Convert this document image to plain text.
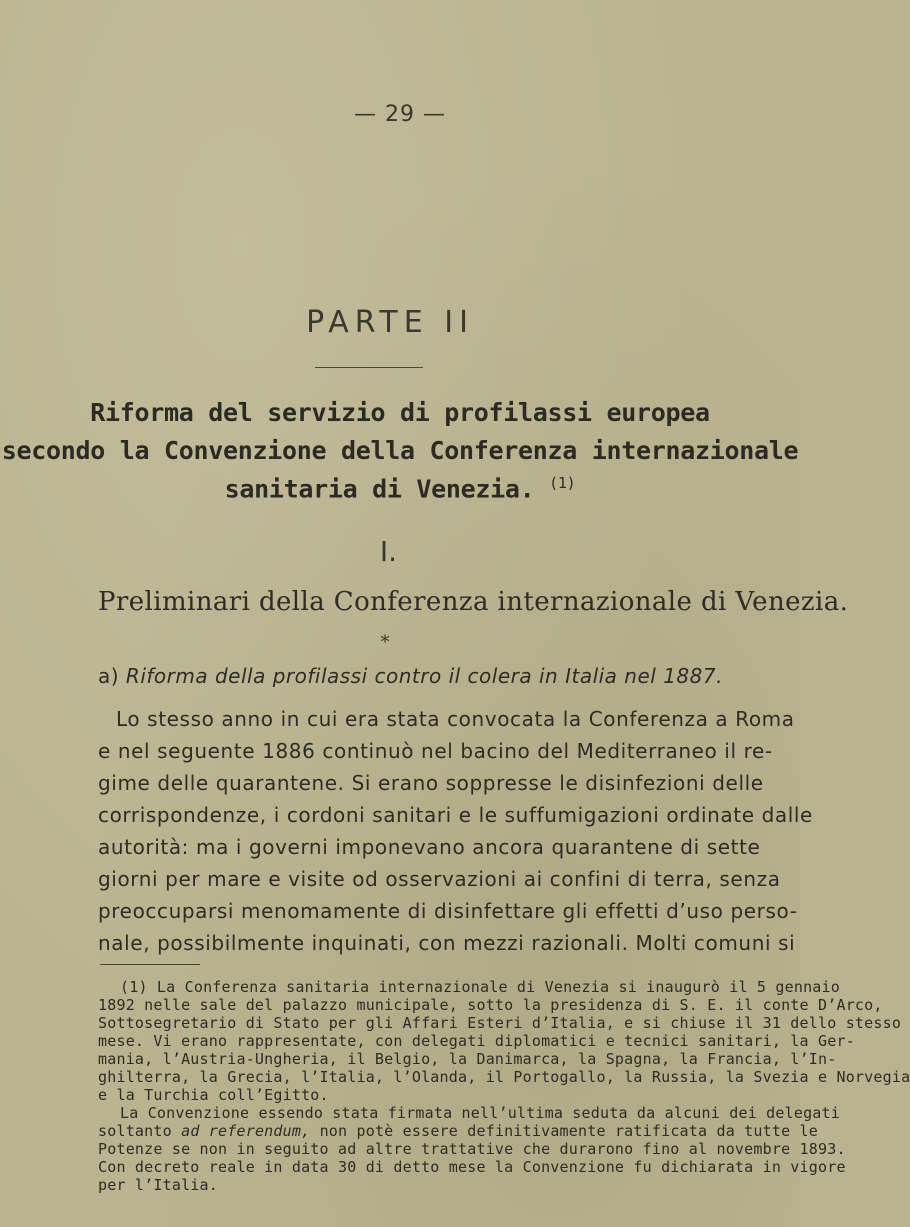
— 29 —
PARTE II
Riforma del servizio di profilassi europea
secondo la Convenzione della Conferenza internazionale
sanitaria di Venezia. $^{(1)}$
I.
Preliminari della Conferenza internazionale di Venezia.
*
a) Riforma della profilassi contro il colera in Italia nel 1887.
Lo stesso anno in cui era stata convocata la Conferenza a Roma
e nel seguente 1886 continuò nel bacino del Mediterraneo il re-
gime delle quarantene. Si erano soppresse le disinfezioni delle
corrispondenze, i cordoni sanitari e le suffumigazioni ordinate dalle
autorità: ma i governi imponevano ancora quarantene di sette
giorni per mare e visite od osservazioni ai confini di terra, senza
preoccuparsi menomamente di disinfettare gli effetti d’uso perso-
nale, possibilmente inquinati, con mezzi razionali. Molti comuni si
(1) La Conferenza sanitaria internazionale di Venezia si inaugurò il 5 gennaio
1892 nelle sale del palazzo municipale, sotto la presidenza di S. E. il conte D’Arco,
Sottosegretario di Stato per gli Affari Esteri d’Italia, e si chiuse il 31 dello stesso
mese. Vi erano rappresentate, con delegati diplomatici e tecnici sanitari, la Ger-
mania, l’Austria-Ungheria, il Belgio, la Danimarca, la Spagna, la Francia, l’In-
ghilterra, la Grecia, l’Italia, l’Olanda, il Portogallo, la Russia, la Svezia e Norvegia
e la Turchia coll’Egitto.
La Convenzione essendo stata firmata nell’ultima seduta da alcuni dei delegati
soltanto ad referendum, non potè essere definitivamente ratificata da tutte le
Potenze se non in seguito ad altre trattative che durarono fino al novembre 1893.
Con decreto reale in data 30 di detto mese la Convenzione fu dichiarata in vigore
per l’Italia.
